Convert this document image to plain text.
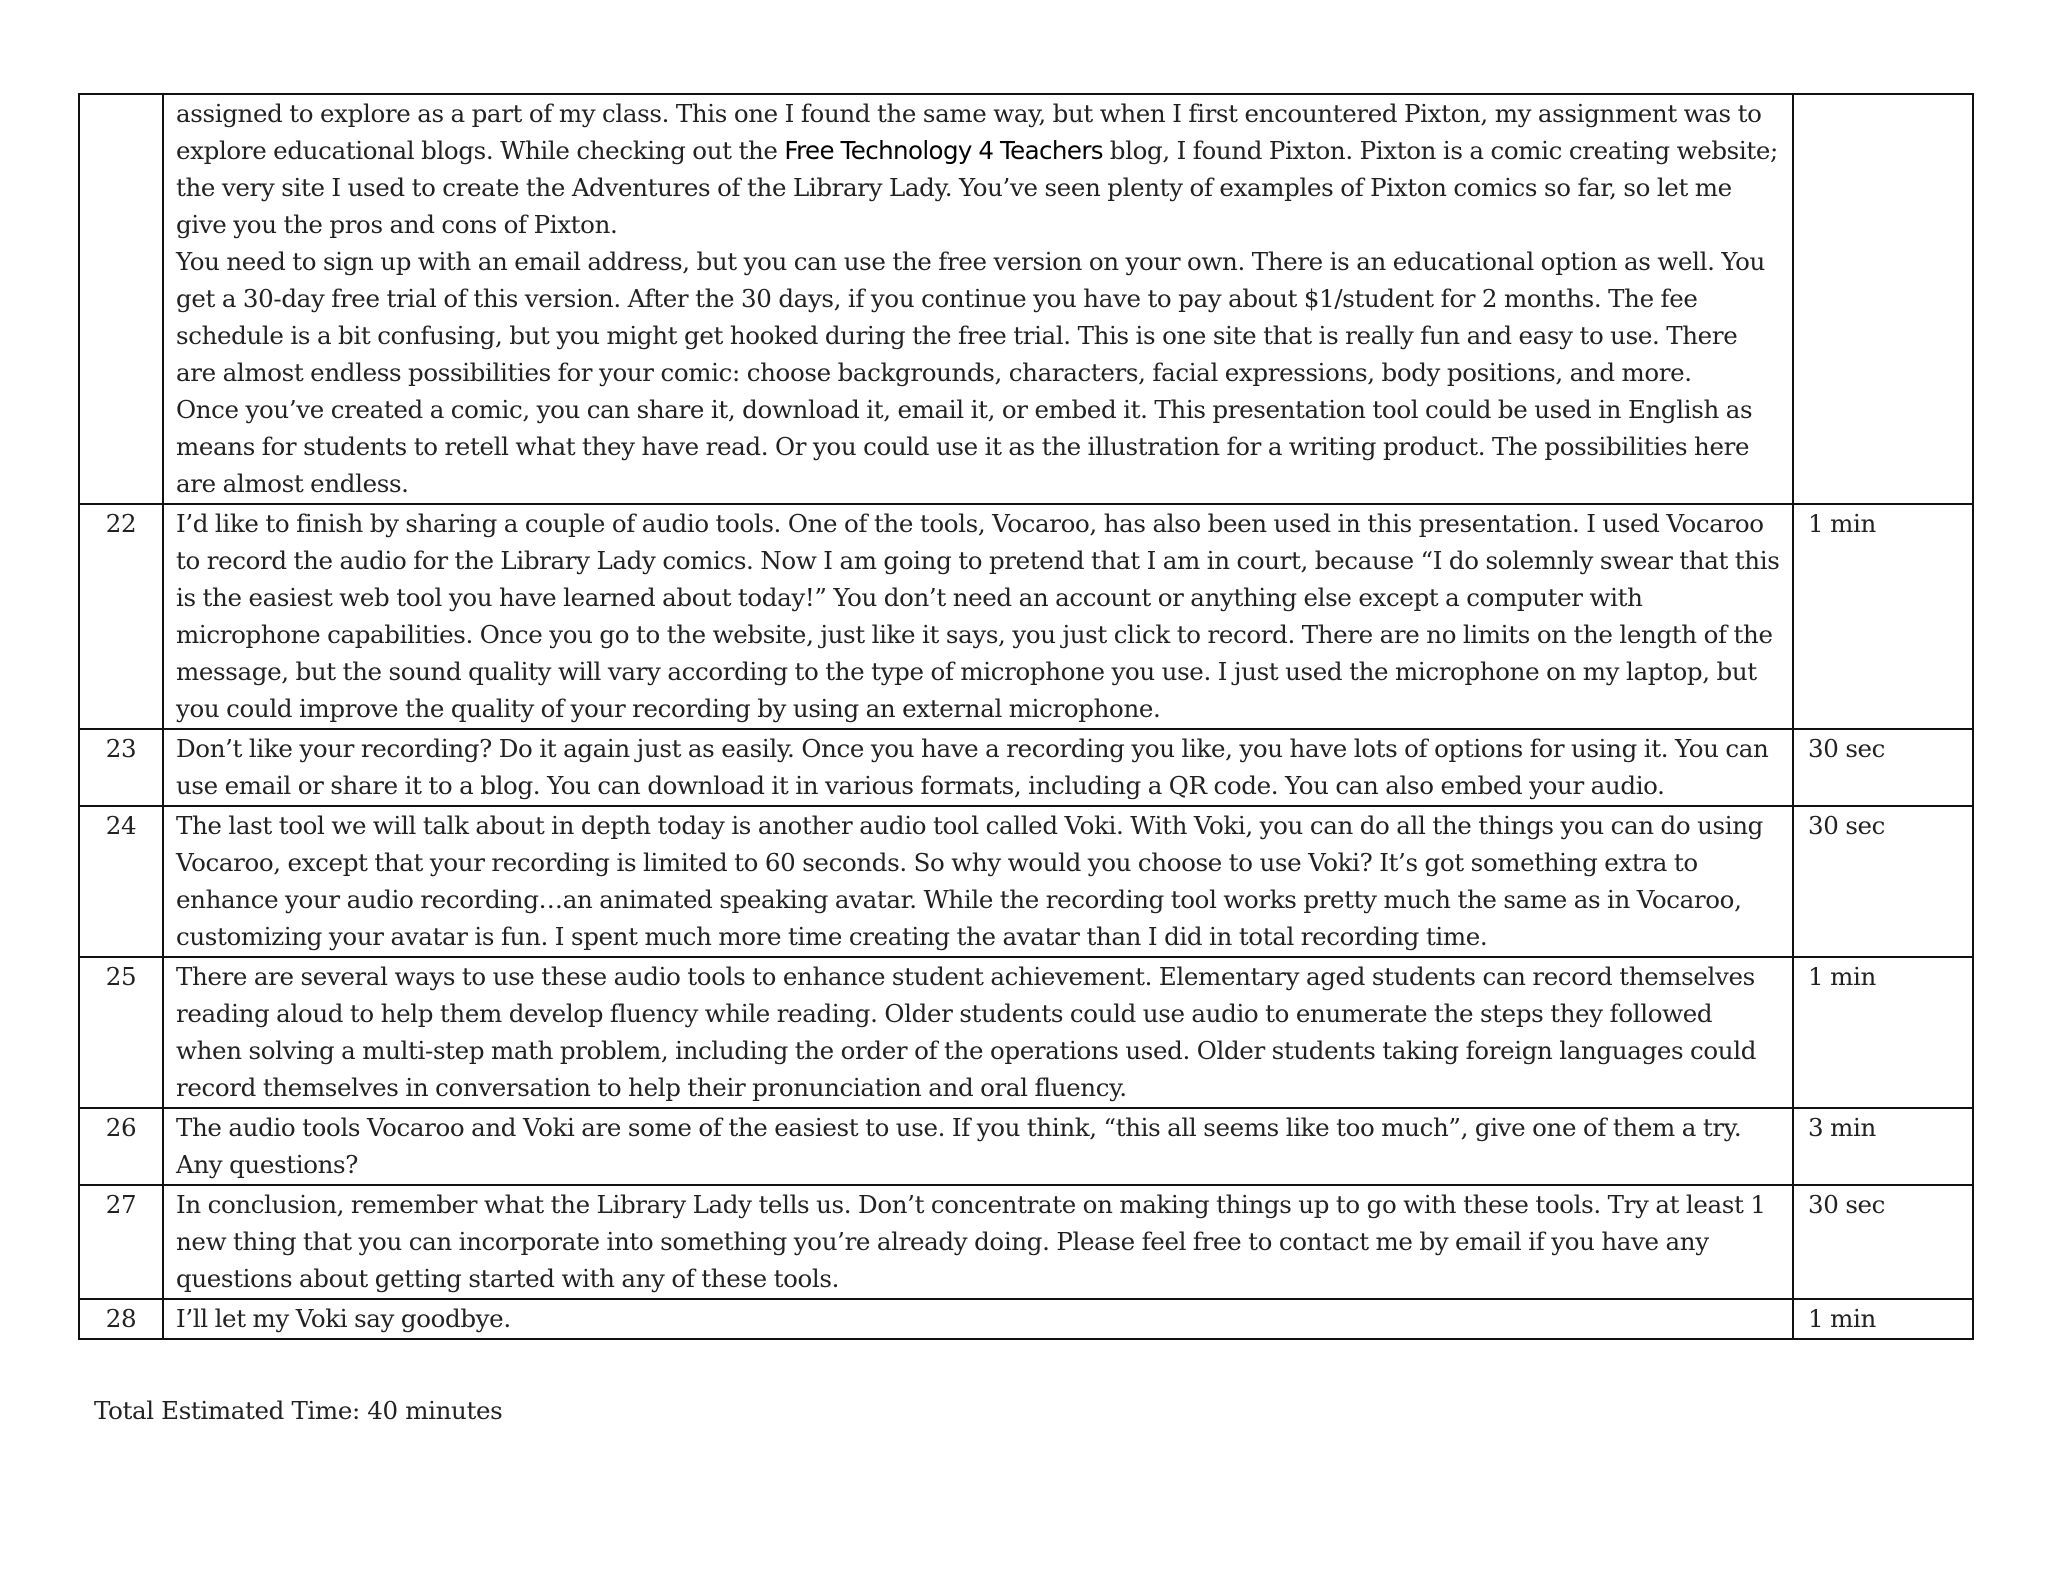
	assigned to explore as a part of my class. This one I found the same way, but when I first encountered Pixton, my assignment was to explore educational blogs. While checking out the Free Technology 4 Teachers blog, I found Pixton. Pixton is a comic creating website; the very site I used to create the Adventures of the Library Lady. You’ve seen plenty of examples of Pixton comics so far, so let me give you the pros and cons of Pixton.
You need to sign up with an email address, but you can use the free version on your own. There is an educational option as well. You get a 30-day free trial of this version. After the 30 days, if you continue you have to pay about $1/student for 2 months. The fee schedule is a bit confusing, but you might get hooked during the free trial. This is one site that is really fun and easy to use. There are almost endless possibilities for your comic: choose backgrounds, characters, facial expressions, body positions, and more.
Once you’ve created a comic, you can share it, download it, email it, or embed it. This presentation tool could be used in English as means for students to retell what they have read. Or you could use it as the illustration for a writing product. The possibilities here are almost endless.	

22	I’d like to finish by sharing a couple of audio tools. One of the tools, Vocaroo, has also been used in this presentation. I used Vocaroo to record the audio for the Library Lady comics. Now I am going to pretend that I am in court, because “I do solemnly swear that this is the easiest web tool you have learned about today!” You don’t need an account or anything else except a computer with microphone capabilities. Once you go to the website, just like it says, you just click to record. There are no limits on the length of the message, but the sound quality will vary according to the type of microphone you use. I just used the microphone on my laptop, but you could improve the quality of your recording by using an external microphone.	1 min
23	Don’t like your recording? Do it again just as easily. Once you have a recording you like, you have lots of options for using it. You can use email or share it to a blog. You can download it in various formats, including a QR code. You can also embed your audio.	30 sec
24	The last tool we will talk about in depth today is another audio tool called Voki. With Voki, you can do all the things you can do using Vocaroo, except that your recording is limited to 60 seconds. So why would you choose to use Voki? It’s got something extra to enhance your audio recording…an animated speaking avatar. While the recording tool works pretty much the same as in Vocaroo, customizing your avatar is fun. I spent much more time creating the avatar than I did in total recording time.	30 sec
25	There are several ways to use these audio tools to enhance student achievement. Elementary aged students can record themselves reading aloud to help them develop fluency while reading. Older students could use audio to enumerate the steps they followed when solving a multi-step math problem, including the order of the operations used. Older students taking foreign languages could record themselves in conversation to help their pronunciation and oral fluency.	1 min
26	The audio tools Vocaroo and Voki are some of the easiest to use. If you think, “this all seems like too much”, give one of them a try. Any questions?	3 min
27	In conclusion, remember what the Library Lady tells us. Don’t concentrate on making things up to go with these tools. Try at least 1 new thing that you can incorporate into something you’re already doing. Please feel free to contact me by email if you have any questions about getting started with any of these tools.	30 sec
28	I’ll let my Voki say goodbye.	1 min

Total Estimated Time: 40 minutes
